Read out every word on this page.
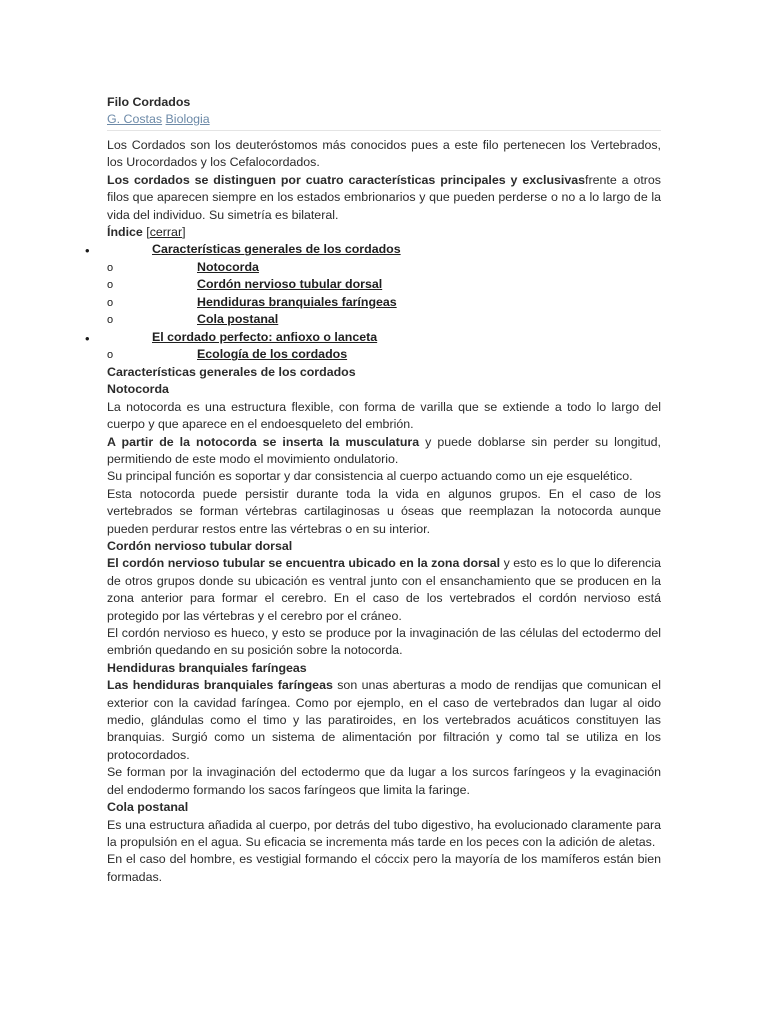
Filo Cordados
G. Costas Biologia

Los Cordados son los deuteróstomos más conocidos pues a este filo pertenecen los Vertebrados, los Urocordados y los Cefalocordados.

Los cordados se distinguen por cuatro características principales y exclusivasfrente a otros filos que aparecen siempre en los estados embrionarios y que pueden perderse o no a lo largo de la vida del individuo. Su simetría es bilateral.

Índice [cerrar]
•	Características generales de los cordados
o	Notocorda
o	Cordón nervioso tubular dorsal
o	Hendiduras branquiales faríngeas
o	Cola postanal
•	El cordado perfecto: anfioxo o lanceta
o	Ecología de los cordados
Características generales de los cordados
Notocorda

La notocorda es una estructura flexible, con forma de varilla que se extiende a todo lo largo del cuerpo y que aparece en el endoesqueleto del embrión.

A partir de la notocorda se inserta la musculatura y puede doblarse sin perder su longitud, permitiendo de este modo el movimiento ondulatorio.

Su principal función es soportar y dar consistencia al cuerpo actuando como un eje esquelético.

Esta notocorda puede persistir durante toda la vida en algunos grupos. En el caso de los vertebrados se forman vértebras cartilaginosas u óseas que reemplazan la notocorda aunque pueden perdurar restos entre las vértebras o en su interior.

Cordón nervioso tubular dorsal

El cordón nervioso tubular se encuentra ubicado en la zona dorsal y esto es lo que lo diferencia de otros grupos donde su ubicación es ventral junto con el ensanchamiento que se producen en la zona anterior para formar el cerebro. En el caso de los vertebrados el cordón nervioso está protegido por las vértebras y el cerebro por el cráneo.

El cordón nervioso es hueco, y esto se produce por la invaginación de las células del ectodermo del embrión quedando en su posición sobre la notocorda.

Hendiduras branquiales faríngeas

Las hendiduras branquiales faríngeas son unas aberturas a modo de rendijas que comunican el exterior con la cavidad faríngea. Como por ejemplo, en el caso de vertebrados dan lugar al oido medio, glándulas como el timo y las paratiroides, en los vertebrados acuáticos constituyen las branquias. Surgió como un sistema de alimentación por filtración y como tal se utiliza en los protocordados.

Se forman por la invaginación del ectodermo que da lugar a los surcos faríngeos y la evaginación del endodermo formando los sacos faríngeos que limita la faringe.

Cola postanal

Es una estructura añadida al cuerpo, por detrás del tubo digestivo, ha evolucionado claramente para la propulsión en el agua. Su eficacia se incrementa más tarde en los peces con la adición de aletas.

En el caso del hombre, es vestigial formando el cóccix pero la mayoría de los mamíferos están bien formadas.
